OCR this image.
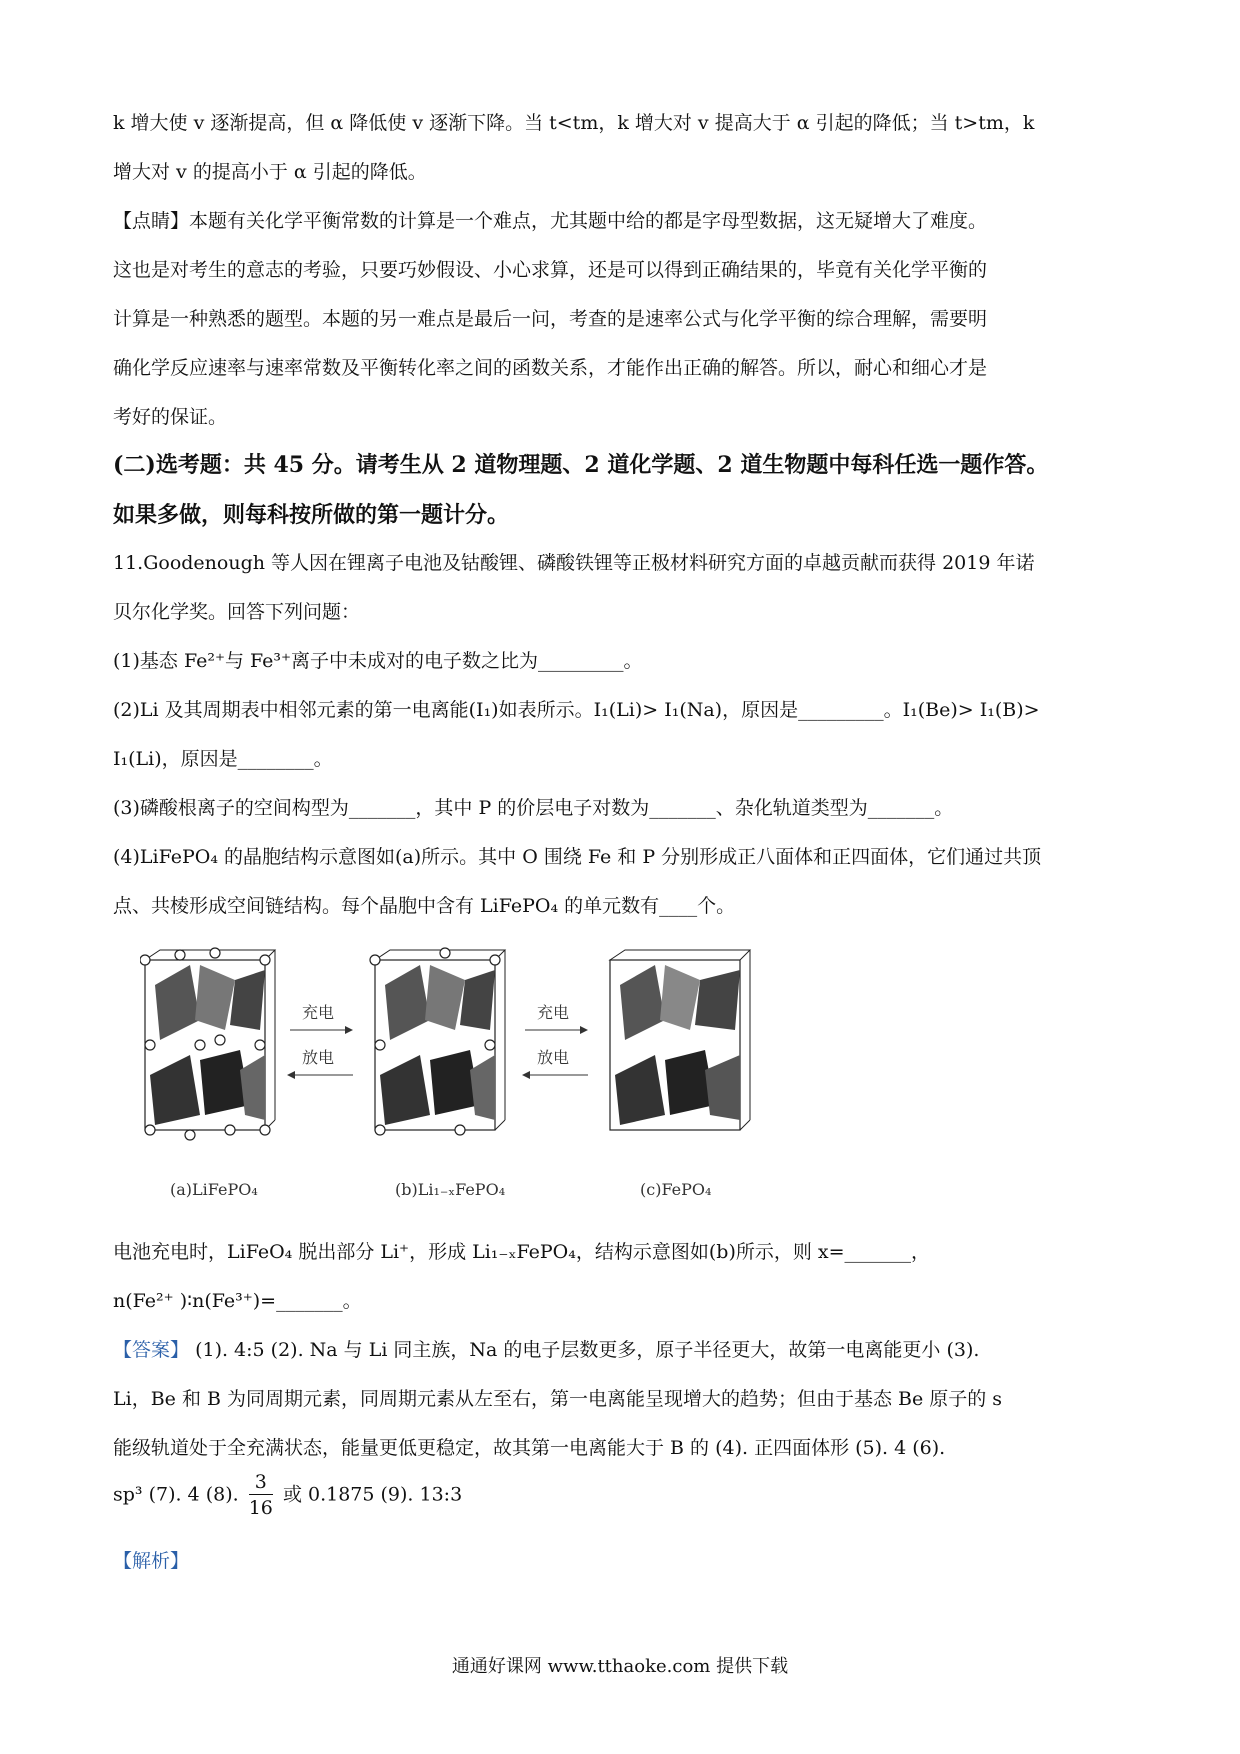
k 增大使 v 逐渐提高，但 α 降低使 v 逐渐下降。当 t<tm，k 增大对 v 提高大于 α 引起的降低；当 t>tm，k
增大对 v 的提高小于 α 引起的降低。
【点睛】本题有关化学平衡常数的计算是一个难点，尤其题中给的都是字母型数据，这无疑增大了难度。
这也是对考生的意志的考验，只要巧妙假设、小心求算，还是可以得到正确结果的，毕竟有关化学平衡的
计算是一种熟悉的题型。本题的另一难点是最后一问，考查的是速率公式与化学平衡的综合理解，需要明
确化学反应速率与速率常数及平衡转化率之间的函数关系，才能作出正确的解答。所以，耐心和细心才是
考好的保证。
(二)选考题：共 45 分。请考生从 2 道物理题、2 道化学题、2 道生物题中每科任选一题作答。
如果多做，则每科按所做的第一题计分。
11.Goodenough 等人因在锂离子电池及钴酸锂、磷酸铁锂等正极材料研究方面的卓越贡献而获得 2019 年诺
贝尔化学奖。回答下列问题：
(1)基态 Fe²⁺与 Fe³⁺离子中未成对的电子数之比为_________。
(2)Li 及其周期表中相邻元素的第一电离能(I₁)如表所示。I₁(Li)> I₁(Na)，原因是_________。I₁(Be)> I₁(B)>
I₁(Li)，原因是________。
(3)磷酸根离子的空间构型为_______，其中 P 的价层电子对数为_______、杂化轨道类型为_______。
(4)LiFePO₄ 的晶胞结构示意图如(a)所示。其中 O 围绕 Fe 和 P 分别形成正八面体和正四面体，它们通过共顶
点、共棱形成空间链结构。每个晶胞中含有 LiFePO₄ 的单元数有____个。
充电
放电
充电
放电
(a)LiFePO₄	(b)Li₁₋ₓFePO₄	(c)FePO₄
电池充电时，LiFeO₄ 脱出部分 Li⁺，形成 Li₁₋ₓFePO₄，结构示意图如(b)所示，则 x=_______，
n(Fe²⁺ )∶n(Fe³⁺)=_______。
【答案】 (1). 4:5 (2). Na 与 Li 同主族，Na 的电子层数更多，原子半径更大，故第一电离能更小 (3).
Li，Be 和 B 为同周期元素，同周期元素从左至右，第一电离能呈现增大的趋势；但由于基态 Be 原子的 s
能级轨道处于全充满状态，能量更低更稳定，故其第一电离能大于 B 的 (4). 正四面体形 (5). 4 (6).
sp³ (7). 4 (8). $\frac{3}{16}$ 或 0.1875 (9). 13:3
【解析】
通通好课网 www.tthaoke.com 提供下载
